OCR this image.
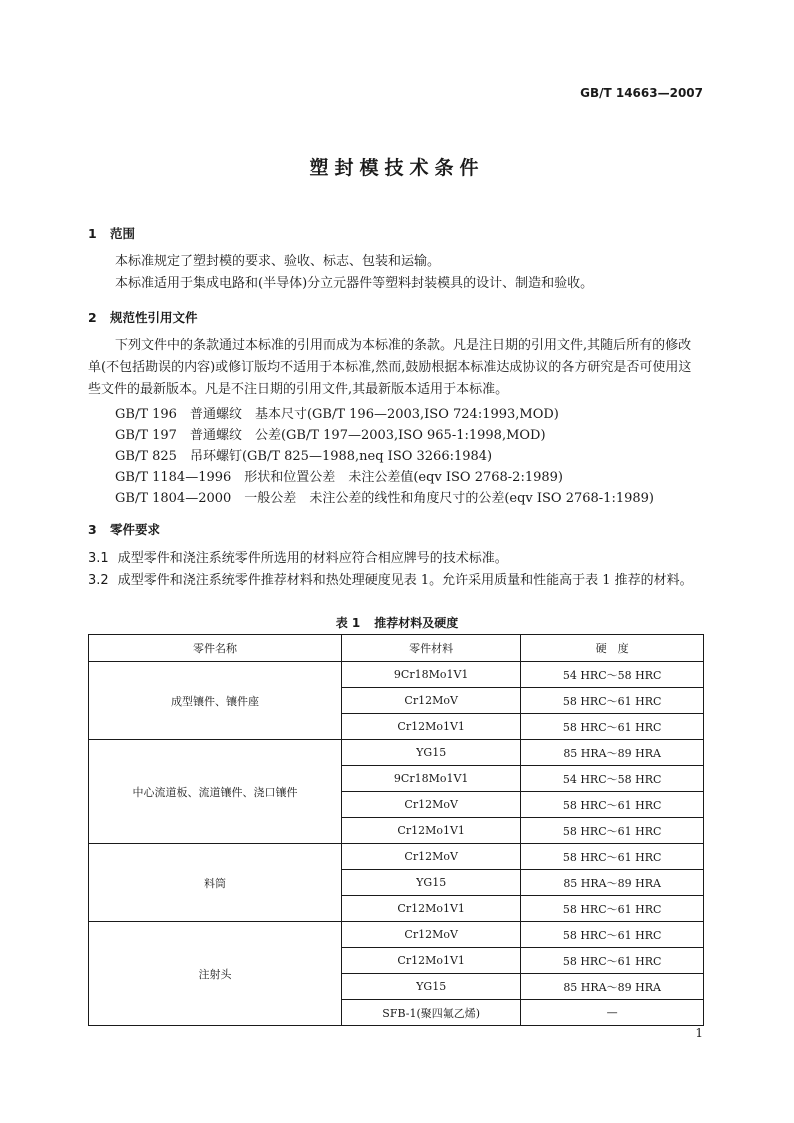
GB/T 14663—2007
塑封模技术条件
1 范围
本标准规定了塑封模的要求、验收、标志、包装和运输。
本标准适用于集成电路和(半导体)分立元器件等塑料封装模具的设计、制造和验收。
2 规范性引用文件
下列文件中的条款通过本标准的引用而成为本标准的条款。凡是注日期的引用文件,其随后所有的修改单(不包括勘误的内容)或修订版均不适用于本标准,然而,鼓励根据本标准达成协议的各方研究是否可使用这些文件的最新版本。凡是不注日期的引用文件,其最新版本适用于本标准。
GB/T 196 普通螺纹 基本尺寸(GB/T 196—2003,ISO 724:1993,MOD)
GB/T 197 普通螺纹 公差(GB/T 197—2003,ISO 965-1:1998,MOD)
GB/T 825 吊环螺钉(GB/T 825—1988,neq ISO 3266:1984)
GB/T 1184—1996 形状和位置公差 未注公差值(eqv ISO 2768-2:1989)
GB/T 1804—2000 一般公差 未注公差的线性和角度尺寸的公差(eqv ISO 2768-1:1989)
3 零件要求
3.1 成型零件和浇注系统零件所选用的材料应符合相应牌号的技术标准。
3.2 成型零件和浇注系统零件推荐材料和热处理硬度见表 1。允许采用质量和性能高于表 1 推荐的材料。
表 1 推荐材料及硬度
零件名称	零件材料	硬　度
成型镶件、镶件座	9Cr18Mo1V1	54 HRC～58 HRC
	Cr12MoV	58 HRC～61 HRC
	Cr12Mo1V1	58 HRC～61 HRC
中心流道板、流道镶件、浇口镶件	YG15	85 HRA～89 HRA
	9Cr18Mo1V1	54 HRC～58 HRC
	Cr12MoV	58 HRC～61 HRC
	Cr12Mo1V1	58 HRC～61 HRC
料筒	Cr12MoV	58 HRC～61 HRC
	YG15	85 HRA～89 HRA
	Cr12Mo1V1	58 HRC～61 HRC
注射头	Cr12MoV	58 HRC～61 HRC
	Cr12Mo1V1	58 HRC～61 HRC
	YG15	85 HRA～89 HRA
	SFB-1(聚四氟乙烯)	—
1
